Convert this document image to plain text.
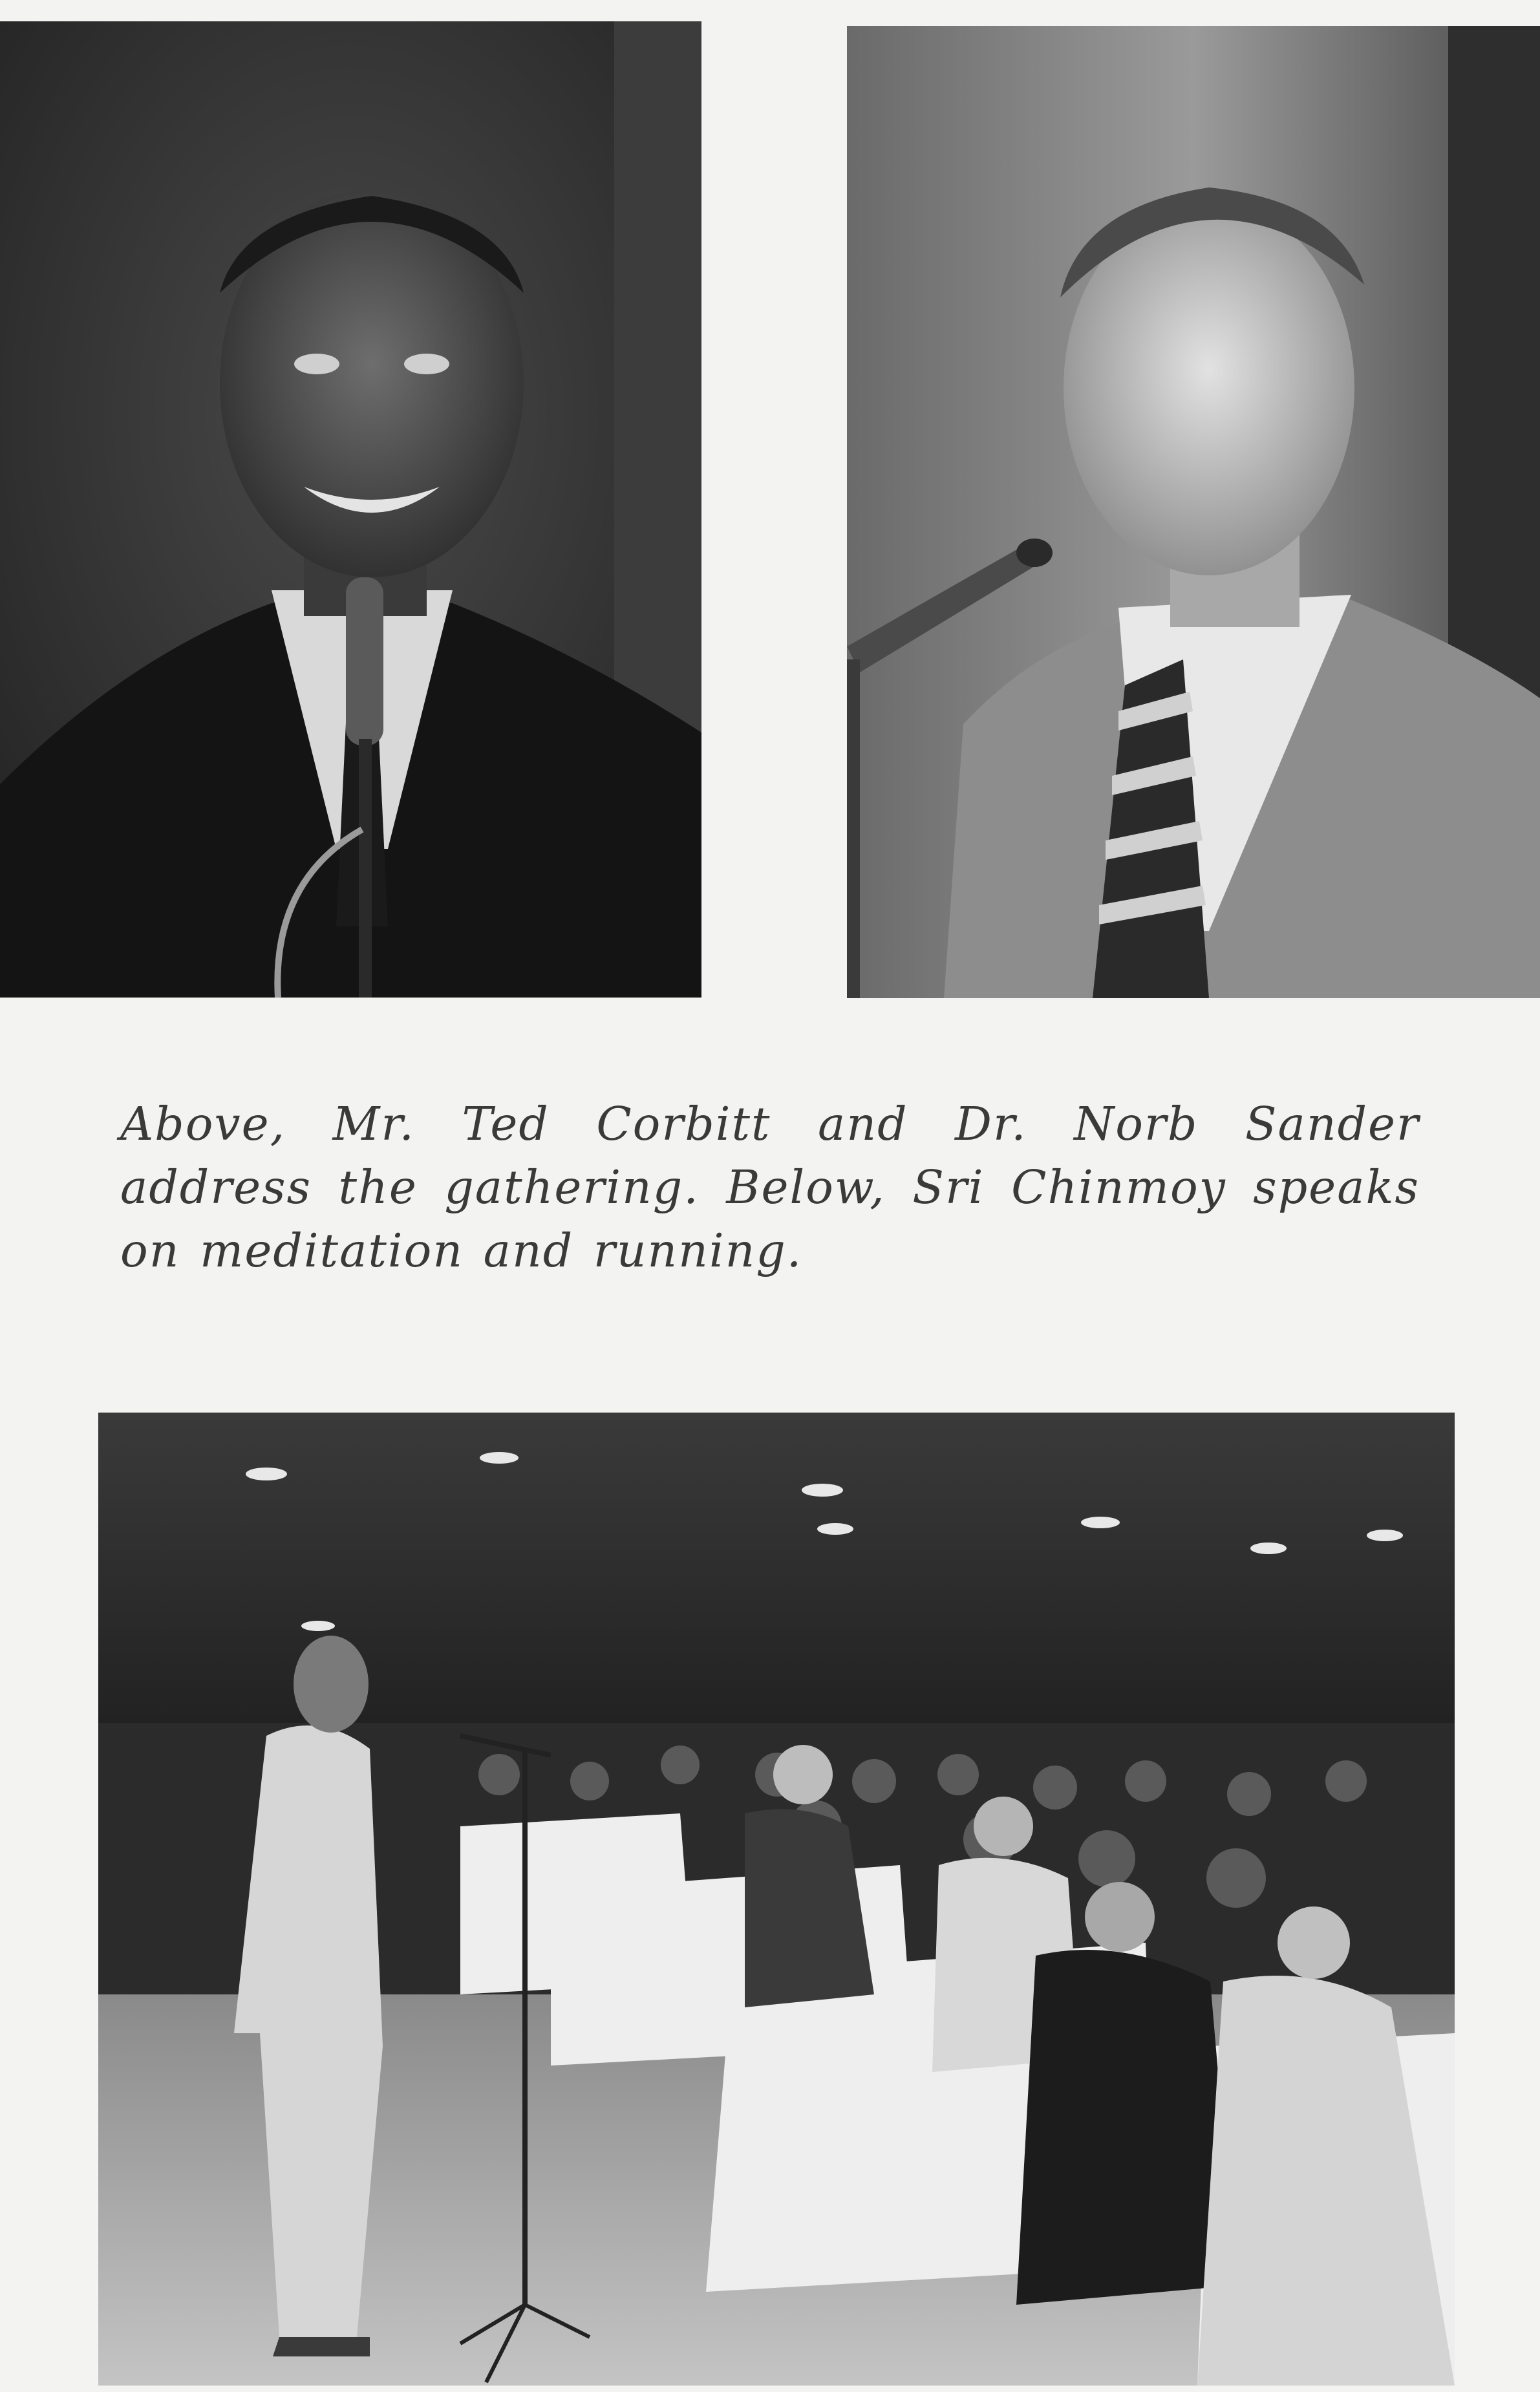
Above, Mr. Ted Corbitt and Dr. Norb Sander address the gathering. Below, Sri Chinmoy speaks on meditation and running.
